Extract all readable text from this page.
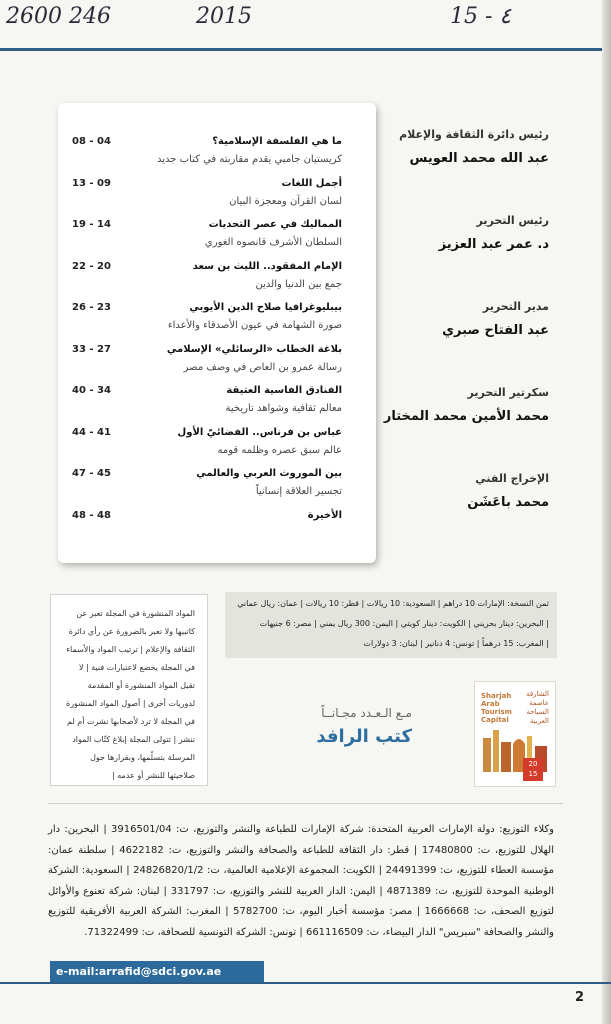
2600 246	2015	15 - ٤
رئيس دائرة الثقافة والإعلام
عبد الله محمد العويس
رئيس التحرير
د. عمر عبد العزيز
مدير التحرير
عبد الفتاح صبري
سكرتير التحرير
محمد الأمين محمد المختار
الإخراج الفني
محمد باعَشَن
ما هي الفلسفة الإسلامية؟
08 - 04
كريستيان جامبي يقدم مقاربته في كتاب جديد
أجمل اللغات
13 - 09
لسان القرآن ومعجزة البيان
المماليك في عصر التحديات
19 - 14
السلطان الأشرف قانصوه الغوري
الإمام المفقود.. الليث بن سعد
22 - 20
جمع بين الدنيا والدين
بيبليوغرافيا صلاح الدين الأيوبي
26 - 23
صورة الشهامة في عيون الأصدقاء والأعداء
بلاغة الخطاب «الرسائلي» الإسلامي
33 - 27
رسالة عمرو بن العاص في وصف مصر
الفنادق الفاسية العتيقة
40 - 34
معالم ثقافية وشواهد تاريخية
عباس بن فرناس.. الفضائيّ الأول
44 - 41
عالم سبق عصره وظلمه قومه
بين الموروث العربي والعالمي
47 - 45
تجسير العلاقة إنسانياً
الأخيرة
48 - 48
ثمن النسخة: الإمارات 10 دراهم | السعودية: 10 ريالات | قطر: 10 ريالات | عمان: ريال عماني
| البحرين: دينار بحريني | الكويت: دينار كويتي | اليمن: 300 ريال يمني | مصر: 6 جنيهات
| المغرب: 15 درهماً | تونس: 4 دنانير | لبنان: 3 دولارات
المواد المنشورة في المجلة تعبر عن كاتبيها ولا تعبر بالضرورة عن رأي دائرة الثقافة والإعلام | ترتيب المواد والأسماء في المجلة يخضع لاعتبارات فنية | لا تقبل المواد المنشورة أو المقدمة لدوريات أخرى | أصول المواد المنشورة في المجلة لا ترد لأصحابها نشرت أم لم تنشر | تتولى المجلة إبلاغ كتّاب المواد المرسلة بتسلّمها، وبقرارها حول صلاحيتها للنشر أو عدمه |
مـع الـعـدد مجـانــاً
كتب الرافد
Sharjah
Arab
Tourism
Capital
الشارقة
عاصمة
السياحة
العربية
20
15
وكلاء التوزيع: دولة الإمارات العربية المتحدة: شركة الإمارات للطباعة والنشر والتوزيع، ت: 3916501/04 | البحرين: دار الهلال للتوزيع، ت: 17480800 | قطر: دار الثقافة للطباعة والصحافة والنشر والتوزيع، ت: 4622182 | سلطنة عمان: مؤسسة العطاء للتوزيع، ت: 24491399 | الكويت: المجموعة الإعلامية العالمية، ت: 24826820/1/2 | السعودية: الشركة الوطنية الموحدة للتوزيع، ت: 4871389 | اليمن: الدار العربية للنشر والتوزيع، ت: 331797 | لبنان: شركة تعنوع والأوائل لتوزيع الصحف، ت: 1666668 | مصر: مؤسسة أخبار اليوم، ت: 5782700 | المغرب: الشركة العربية الأفريقية للتوزيع والنشر والصحافة "سبريس" الدار البيضاء، ت: 661116509 | تونس: الشركة التونسية للصحافة، ت: 71322499.
e-mail:arrafid@sdci.gov.ae
2
